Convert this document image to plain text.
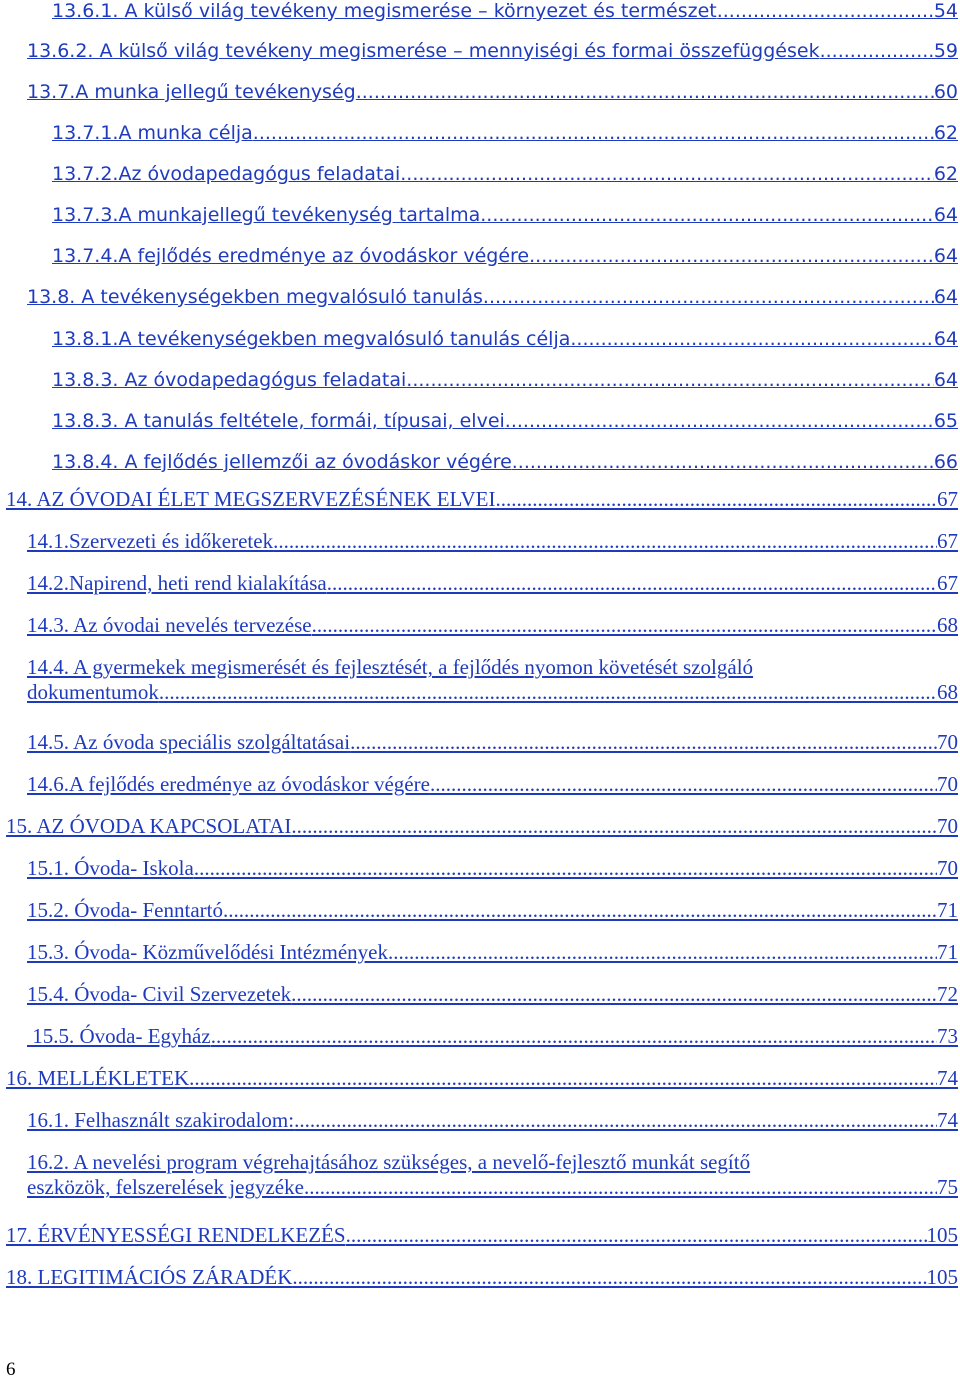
13.6.1. A külső világ tevékeny megismerése – környezet és természet .....	54
13.6.2. A külső világ tevékeny megismerése – mennyiségi és formai összefüggések .....	59
13.7.A munka jellegű tevékenység .....	60
13.7.1.A munka célja .....	62
13.7.2.Az óvodapedagógus feladatai .....	62
13.7.3.A munkajellegű tevékenység tartalma .....	64
13.7.4.A fejlődés eredménye az óvodáskor végére .....	64
13.8. A tevékenységekben megvalósuló tanulás .....	64
13.8.1.A tevékenységekben megvalósuló tanulás célja .....	64
13.8.3. Az óvodapedagógus feladatai .....	64
13.8.3. A tanulás feltétele, formái, típusai, elvei .....	65
13.8.4. A fejlődés jellemzői az óvodáskor végére .....	66
14. AZ ÓVODAI ÉLET MEGSZERVEZÉSÉNEK ELVEI .....	67
14.1.Szervezeti és időkeretek .....	67
14.2.Napirend, heti rend kialakítása .....	67
14.3. Az óvodai nevelés tervezése .....	68
14.4. A gyermekek megismerését és fejlesztését, a fejlődés nyomon követését szolgáló
dokumentumok .....	68
14.5. Az óvoda speciális szolgáltatásai .....	70
14.6.A fejlődés eredménye az óvodáskor végére .....	70
15. AZ ÓVODA KAPCSOLATAI .....	70
15.1. Óvoda- Iskola .....	70
15.2. Óvoda- Fenntartó .....	71
15.3. Óvoda- Közművelődési Intézmények .....	71
15.4. Óvoda- Civil Szervezetek .....	72
15.5. Óvoda- Egyház .....	73
16. MELLÉKLETEK .....	74
16.1. Felhasznált szakirodalom: .....	74
16.2. A nevelési program végrehajtásához szükséges, a nevelő-fejlesztő munkát segítő
eszközök, felszerelések jegyzéke .....	75
17. ÉRVÉNYESSÉGI RENDELKEZÉS .....	105
18. LEGITIMÁCIÓS ZÁRADÉK .....	105
6
